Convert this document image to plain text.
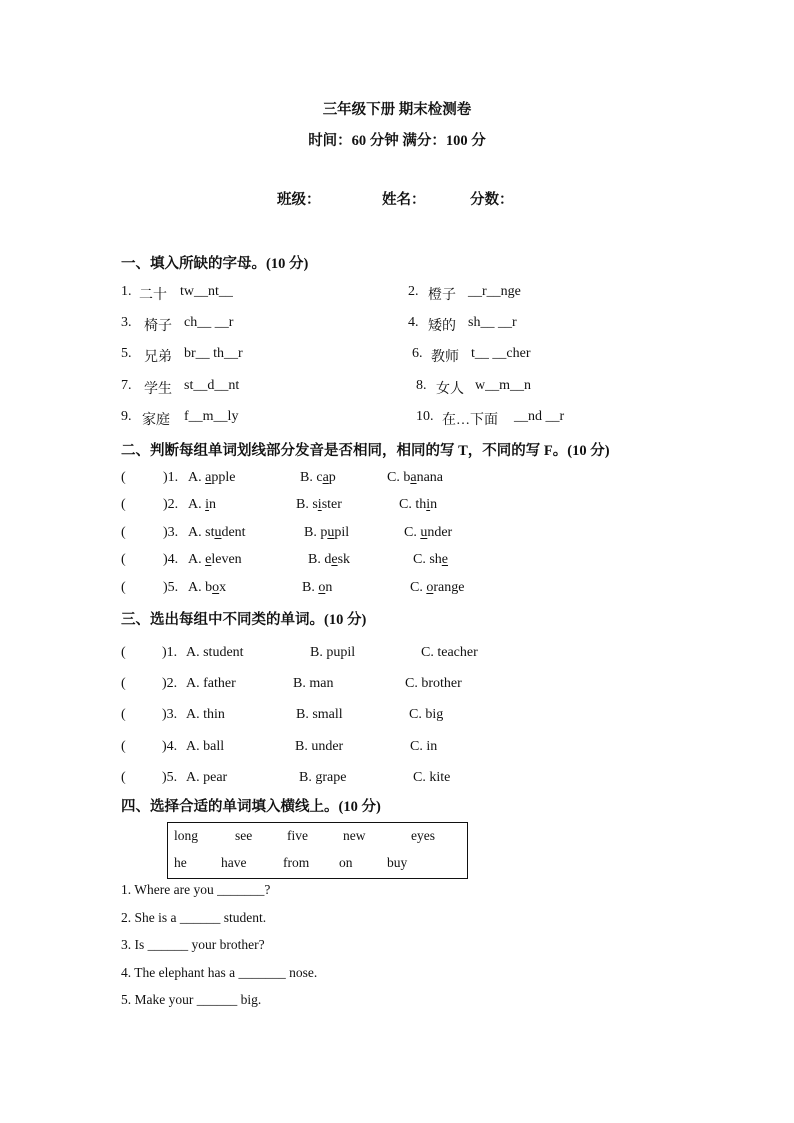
三年级下册 期末检测卷
时间：60 分钟 满分：100 分
班级：	姓名：	分数：
一、填入所缺的字母。(10 分)
1. 二十 tw__nt__	2. 橙子 __r__nge
3. 椅子 ch__ __r	4. 矮的 sh__ __r
5. 兄弟 br__ th__r	6. 教师 t__ __cher
7. 学生 st__d__nt	8. 女人 w__m__n
9. 家庭 f__m__ly	10. 在…下面 __nd __r
二、判断每组单词划线部分发音是否相同，相同的写 T，不同的写 F。(10 分)
(	)1. A. apple	B. cap	C. banana
(	)2. A. in	B. sister	C. thin
(	)3. A. student	B. pupil	C. under
(	)4. A. eleven	B. desk	C. she
(	)5. A. box	B. on	C. orange
三、选出每组中不同类的单词。(10 分)
(	)1. A. student	B. pupil	C. teacher
(	)2. A. father	B. man	C. brother
(	)3. A. thin	B. small	C. big
(	)4. A. ball	B. under	C. in
(	)5. A. pear	B. grape	C. kite
四、选择合适的单词填入横线上。(10 分)
long	see	five	new	eyes
he	have	from on	buy
1. Where are you _______?
2. She is a ______ student.
3. Is ______ your brother?
4. The elephant has a _______ nose.
5. Make your ______ big.
